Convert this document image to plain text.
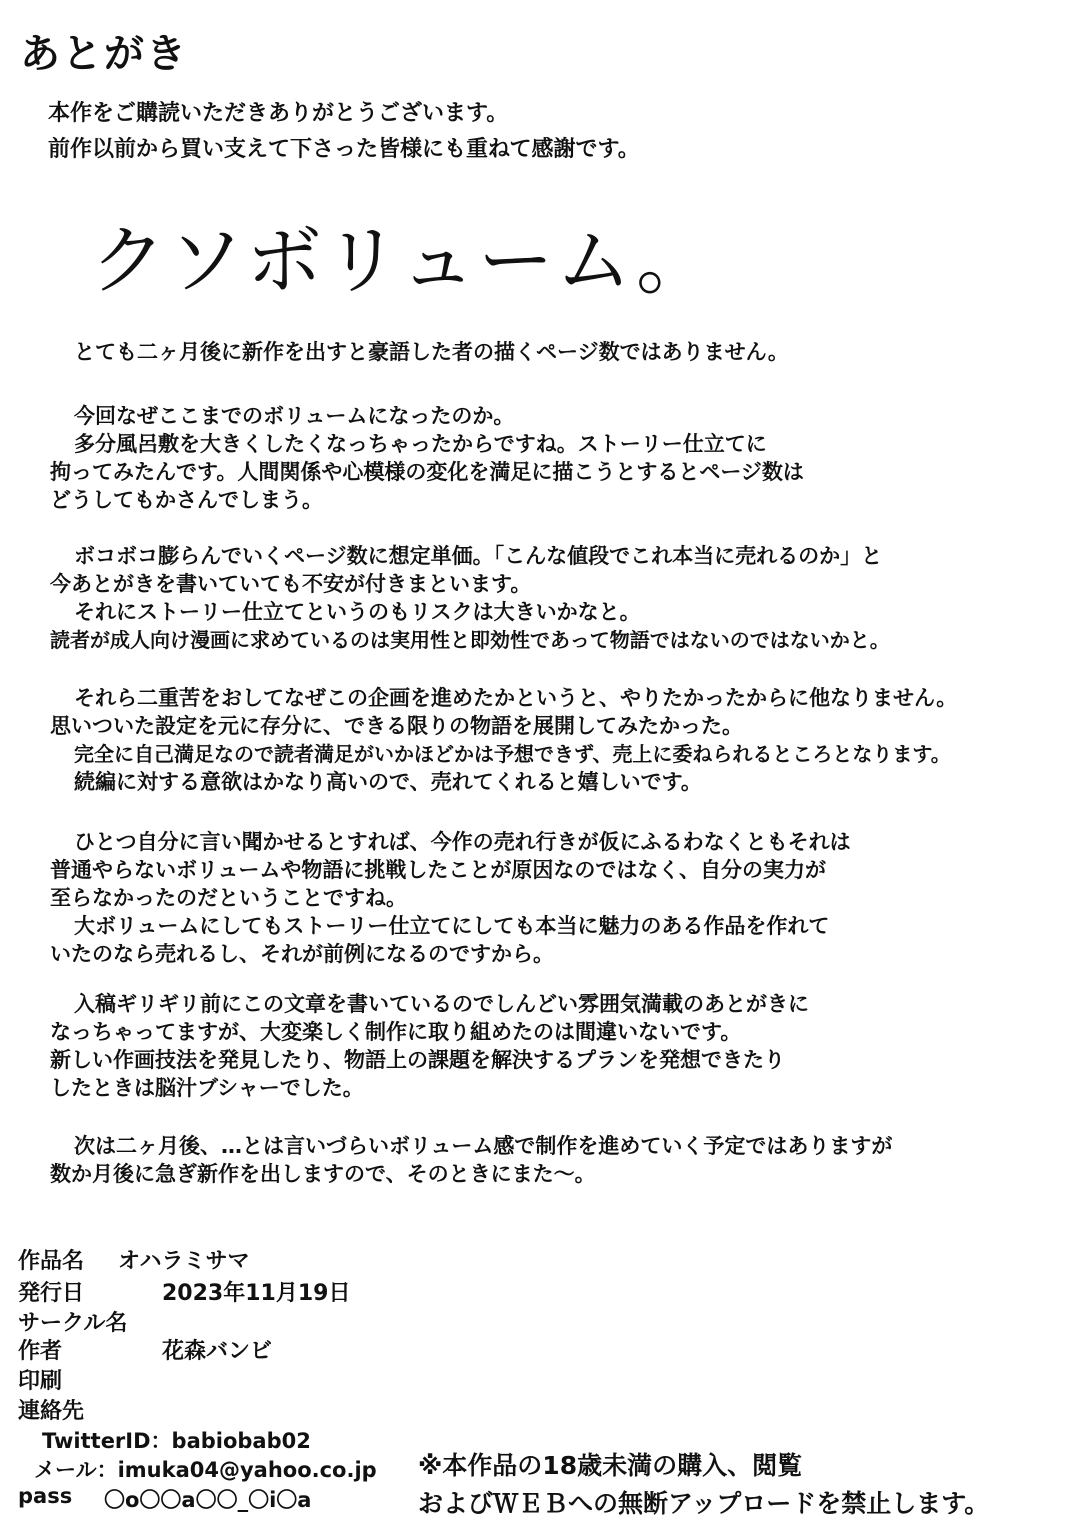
あとがき
本作をご購読いただきありがとうございます。
前作以前から買い支えて下さった皆様にも重ねて感謝です。
クソボリューム。
とても二ヶ月後に新作を出すと豪語した者の描くページ数ではありません。
今回なぜここまでのボリュームになったのか。
多分風呂敷を大きくしたくなっちゃったからですね。ストーリー仕立てに
拘ってみたんです。人間関係や心模様の変化を満足に描こうとするとページ数は
どうしてもかさんでしまう。
ボコボコ膨らんでいくページ数に想定単価。「こんな値段でこれ本当に売れるのか」と
今あとがきを書いていても不安が付きまといます。
それにストーリー仕立てというのもリスクは大きいかなと。
読者が成人向け漫画に求めているのは実用性と即効性であって物語ではないのではないかと。
それら二重苦をおしてなぜこの企画を進めたかというと、やりたかったからに他なりません。
思いついた設定を元に存分に、できる限りの物語を展開してみたかった。
完全に自己満足なので読者満足がいかほどかは予想できず、売上に委ねられるところとなります。
続編に対する意欲はかなり高いので、売れてくれると嬉しいです。
ひとつ自分に言い聞かせるとすれば、今作の売れ行きが仮にふるわなくともそれは
普通やらないボリュームや物語に挑戦したことが原因なのではなく、自分の実力が
至らなかったのだということですね。
大ボリュームにしてもストーリー仕立てにしても本当に魅力のある作品を作れて
いたのなら売れるし、それが前例になるのですから。
入稿ギリギリ前にこの文章を書いているのでしんどい雰囲気満載のあとがきに
なっちゃってますが、大変楽しく制作に取り組めたのは間違いないです。
新しい作画技法を発見したり、物語上の課題を解決するプランを発想できたり
したときは脳汁ブシャーでした。
次は二ヶ月後、…とは言いづらいボリューム感で制作を進めていく予定ではありますが
数か月後に急ぎ新作を出しますので、そのときにまた〜。
作品名 オハラミサマ
発行日	2023年11月19日
サークル名
作者	花森バンビ
印刷
連絡先
TwitterID：babiobab02
メール：imuka04@yahoo.co.jp
pass 〇o〇〇a〇〇_〇i〇a
※本作品の18歳未満の購入、閲覧
およびＷＥＢへの無断アップロードを禁止します。
